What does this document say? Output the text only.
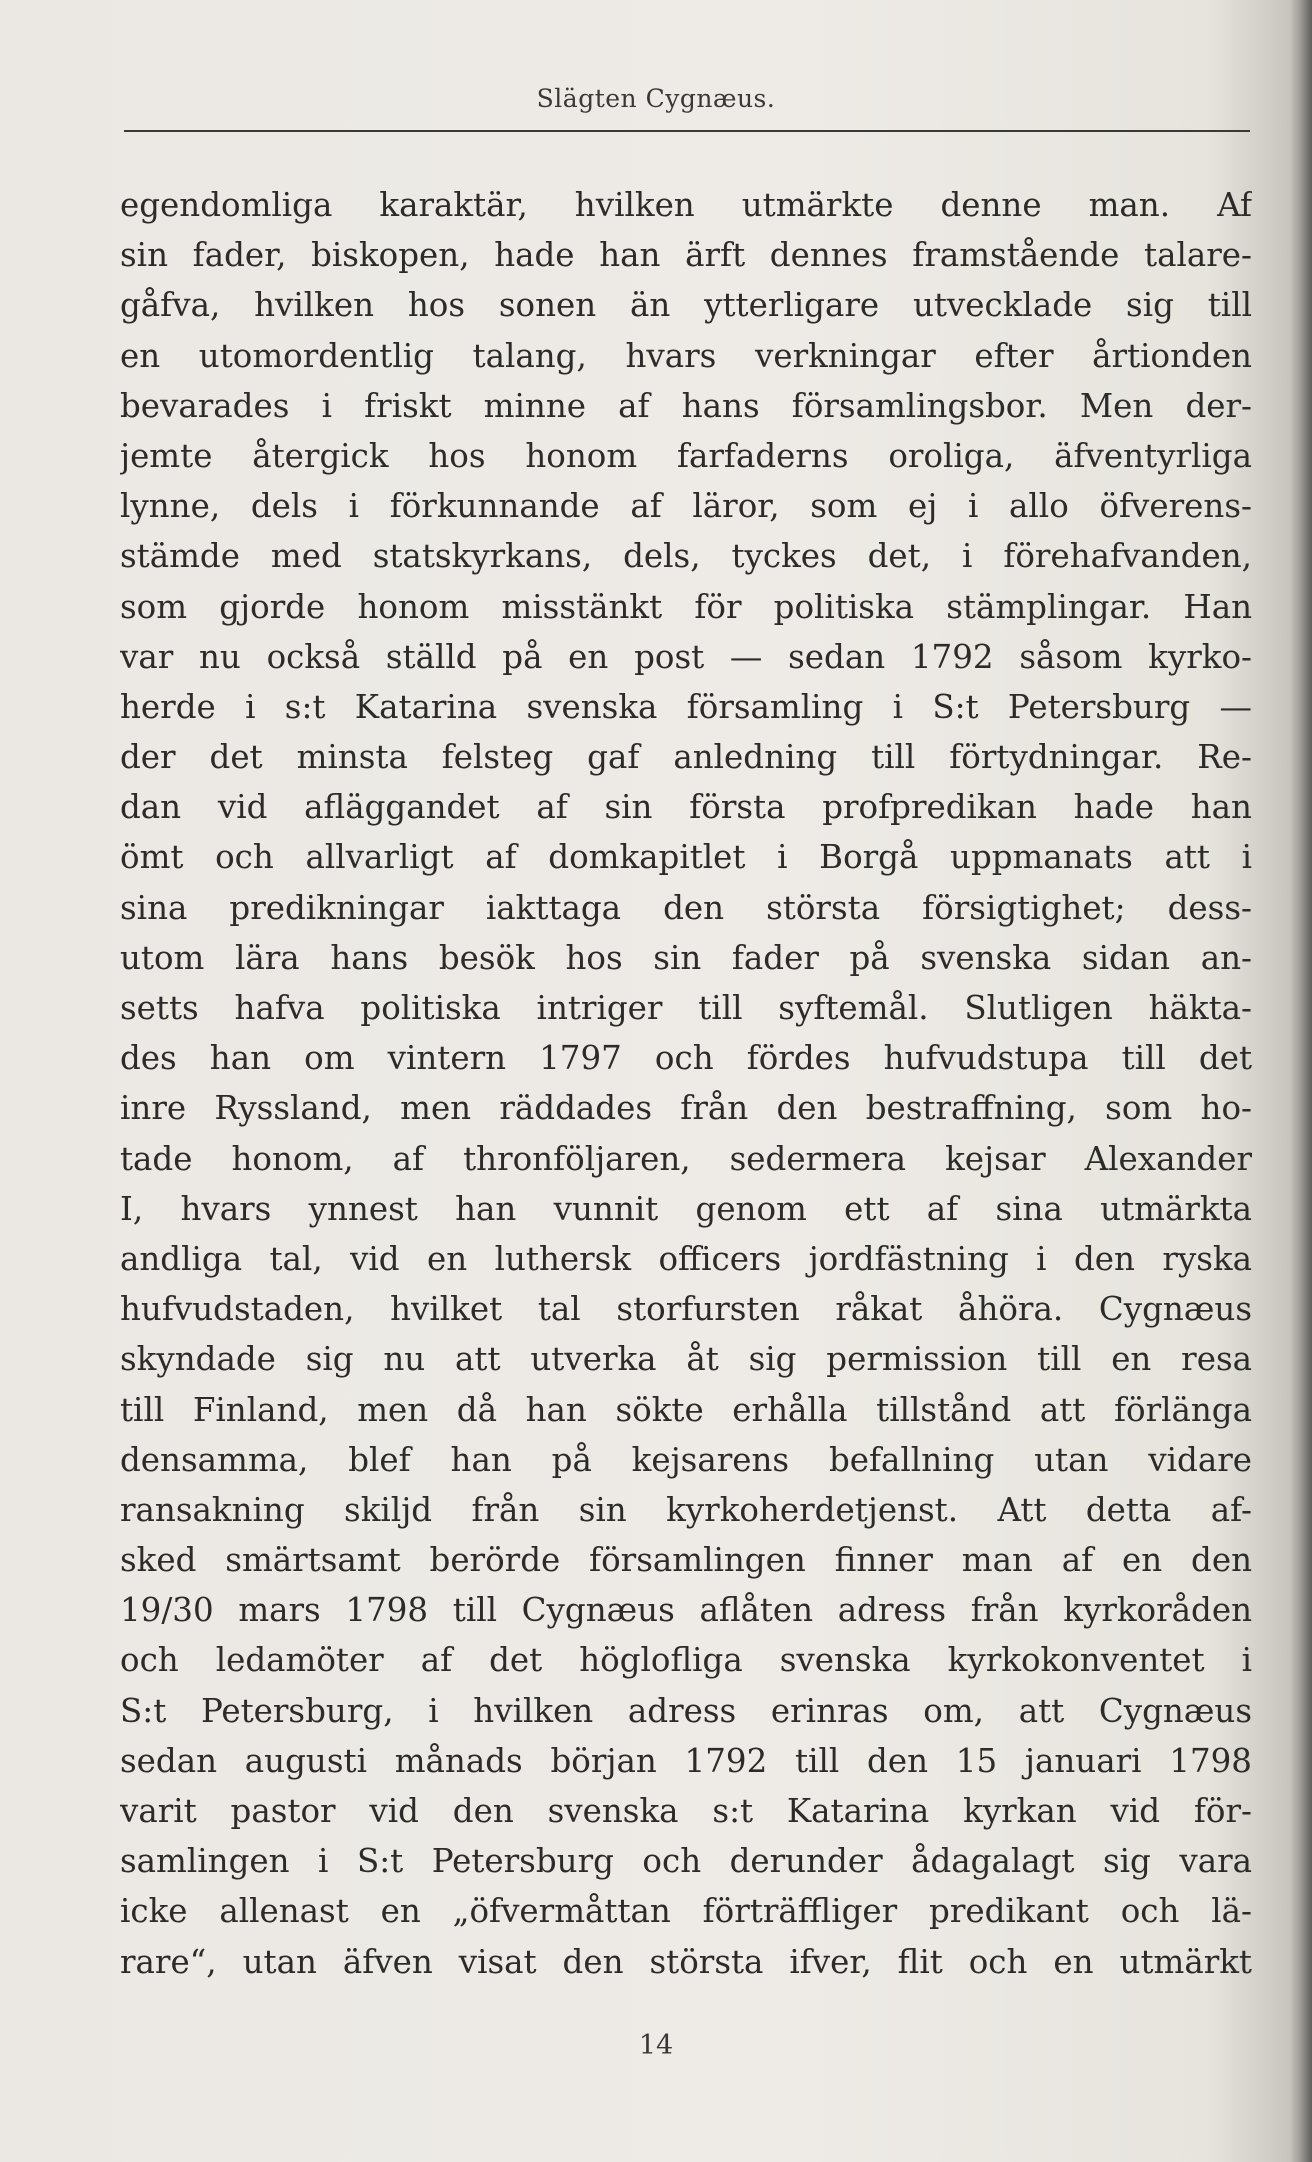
Slägten Cygnæus.
egendomliga karaktär, hvilken utmärkte denne man. Af
sin fader, biskopen, hade han ärft dennes framstående talare-
gåfva, hvilken hos sonen än ytterligare utvecklade sig till
en utomordentlig talang, hvars verkningar efter årtionden
bevarades i friskt minne af hans församlingsbor. Men der-
jemte återgick hos honom farfaderns oroliga, äfventyrliga
lynne, dels i förkunnande af läror, som ej i allo öfverens-
stämde med statskyrkans, dels, tyckes det, i förehafvanden,
som gjorde honom misstänkt för politiska stämplingar. Han
var nu också ställd på en post — sedan 1792 såsom kyrko-
herde i s:t Katarina svenska församling i S:t Petersburg —
der det minsta felsteg gaf anledning till förtydningar. Re-
dan vid afläggandet af sin första profpredikan hade han
ömt och allvarligt af domkapitlet i Borgå uppmanats att i
sina predikningar iakttaga den största försigtighet; dess-
utom lära hans besök hos sin fader på svenska sidan an-
setts hafva politiska intriger till syftemål. Slutligen häkta-
des han om vintern 1797 och fördes hufvudstupa till det
inre Ryssland, men räddades från den bestraffning, som ho-
tade honom, af thronföljaren, sedermera kejsar Alexander
I, hvars ynnest han vunnit genom ett af sina utmärkta
andliga tal, vid en luthersk officers jordfästning i den ryska
hufvudstaden, hvilket tal storfursten råkat åhöra. Cygnæus
skyndade sig nu att utverka åt sig permission till en resa
till Finland, men då han sökte erhålla tillstånd att förlänga
densamma, blef han på kejsarens befallning utan vidare
ransakning skiljd från sin kyrkoherdetjenst. Att detta af-
sked smärtsamt berörde församlingen finner man af en den
19/30 mars 1798 till Cygnæus aflåten adress från kyrkoråden
och ledamöter af det högloﬂiga svenska kyrkokonventet i
S:t Petersburg, i hvilken adress erinras om, att Cygnæus
sedan augusti månads början 1792 till den 15 januari 1798
varit pastor vid den svenska s:t Katarina kyrkan vid för-
samlingen i S:t Petersburg och derunder ådagalagt sig vara
icke allenast en „öfvermåttan förträffliger predikant och lä-
rare“, utan äfven visat den största ifver, flit och en utmärkt
14
